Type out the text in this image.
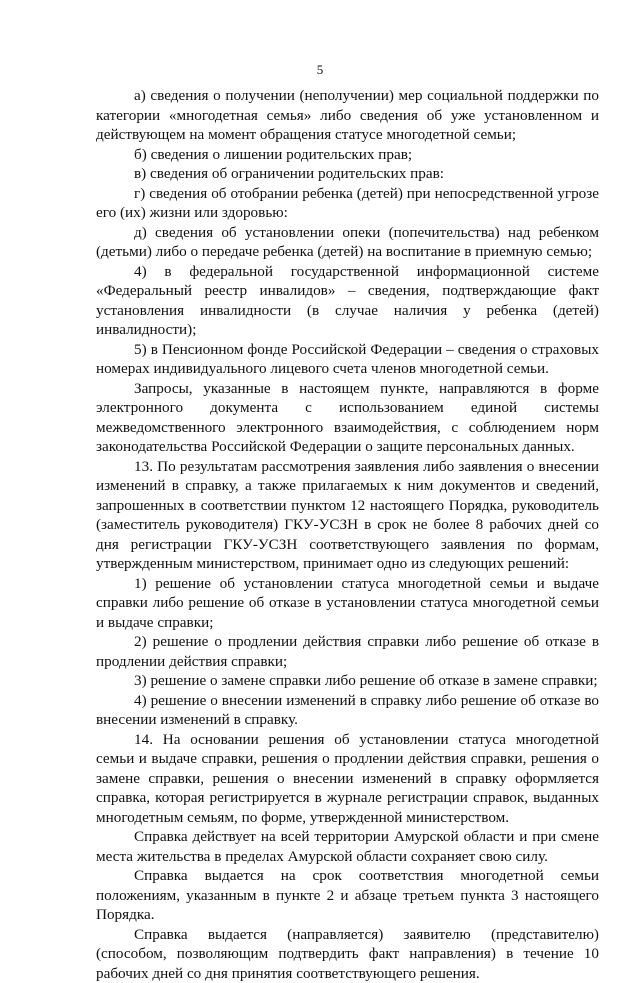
5

а) сведения о получении (неполучении) мер социальной поддержки по категории «многодетная семья» либо сведения об уже установленном и действующем на момент обращения статусе многодетной семьи;

б) сведения о лишении родительских прав;

в) сведения об ограничении родительских прав:

г) сведения об отобрании ребенка (детей) при непосредственной угрозе его (их) жизни или здоровью:

д) сведения об установлении опеки (попечительства) над ребенком (детьми) либо о передаче ребенка (детей) на воспитание в приемную семью;

4) в федеральной государственной информационной системе «Федеральный реестр инвалидов» – сведения, подтверждающие факт установления инвалидности (в случае наличия у ребенка (детей) инвалидности);

5) в Пенсионном фонде Российской Федерации – сведения о страховых номерах индивидуального лицевого счета членов многодетной семьи.

Запросы, указанные в настоящем пункте, направляются в форме электронного документа с использованием единой системы межведомственного электронного взаимодействия, с соблюдением норм законодательства Российской Федерации о защите персональных данных.

13. По результатам рассмотрения заявления либо заявления о внесении изменений в справку, а также прилагаемых к ним документов и сведений, запрошенных в соответствии пунктом 12 настоящего Порядка, руководитель (заместитель руководителя) ГКУ-УСЗН в срок не более 8 рабочих дней со дня регистрации ГКУ-УСЗН соответствующего заявления по формам, утвержденным министерством, принимает одно из следующих решений:

1) решение об установлении статуса многодетной семьи и выдаче справки либо решение об отказе в установлении статуса многодетной семьи и выдаче справки;

2) решение о продлении действия справки либо решение об отказе в продлении действия справки;

3) решение о замене справки либо решение об отказе в замене справки;

4) решение о внесении изменений в справку либо решение об отказе во внесении изменений в справку.

14. На основании решения об установлении статуса многодетной семьи и выдаче справки, решения о продлении действия справки, решения о замене справки, решения о внесении изменений в справку оформляется справка, которая регистрируется в журнале регистрации справок, выданных многодетным семьям, по форме, утвержденной министерством.

Справка действует на всей территории Амурской области и при смене места жительства в пределах Амурской области сохраняет свою силу.

Справка выдается на срок соответствия многодетной семьи положениям, указанным в пункте 2 и абзаце третьем пункта 3 настоящего Порядка.

Справка выдается (направляется) заявителю (представителю) (способом, позволяющим подтвердить факт направления) в течение 10 рабочих дней со дня принятия соответствующего решения.
